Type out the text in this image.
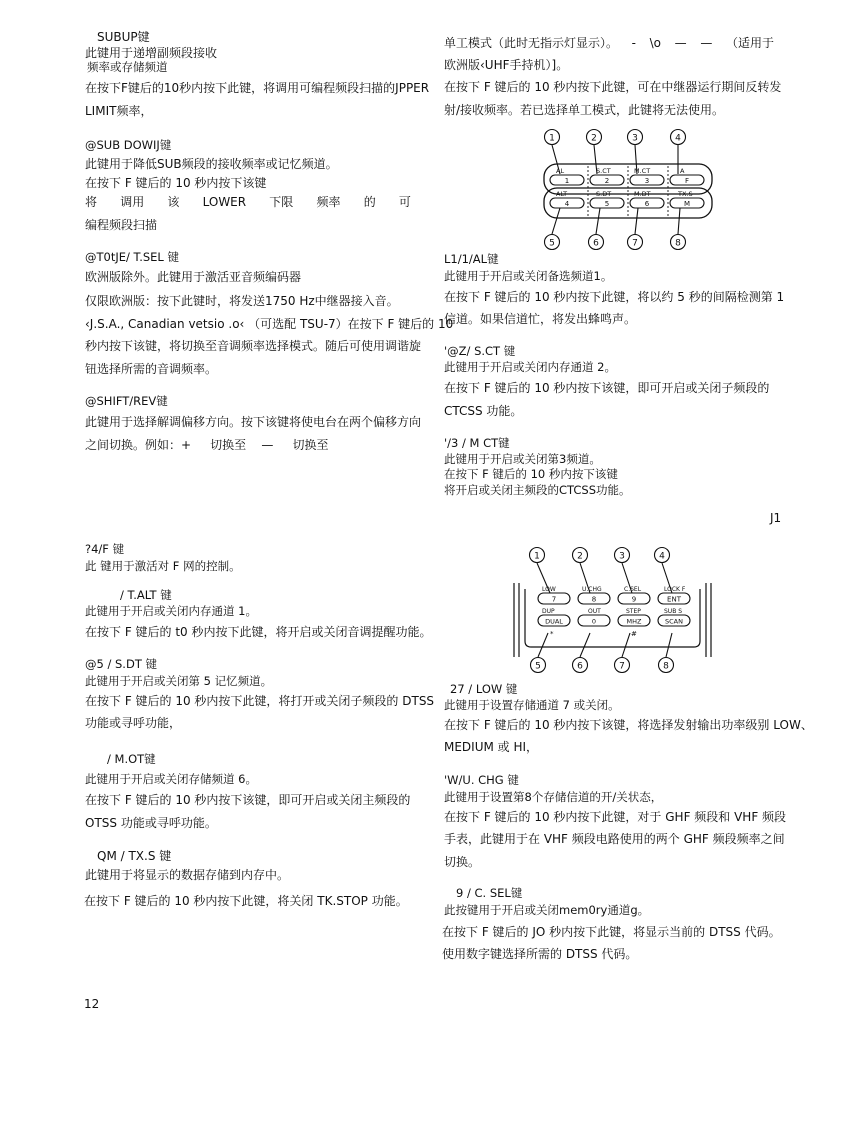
SUBUP键
此键用于递增副频段接收
频率或存储频道
在按下F键后的10秒内按下此键，将调用可编程频段扫描的JPPER
LIMIT频率，
@SUB DOWIJ键
此键用于降低SUB频段的接收频率或记忆频道。
在按下 F 键后的 10 秒内按下该键
将 调用 该 LOWER 下限 频率 的 可
编程频段扫描
@T0tJE/ T.SEL 键
欧洲版除外。此键用于激活亚音频编码器
仅限欧洲版：按下此键时，将发送1750 Hz中继器接入音。
‹J.S.A., Canadian vetsio .o‹ （可选配 TSU-7）在按下 F 键后的 10
秒内按下该键，将切换至音调频率选择模式。随后可使用调谐旋
钮选择所需的音调频率。
@SHIFT/REV键
此键用于选择解调偏移方向。按下该键将使电台在两个偏移方向
之间切换。例如：+     切换至    —     切换至
?4/F 键
此 键用于激活对 F 网的控制。
/ T.ALT 键
此键用于开启或关闭内存通道 1。
在按下 F 键后的 t0 秒内按下此键，将开启或关闭音调提醒功能。
@5 / S.DT 键
此键用于开启或关闭第 5 记忆频道。
在按下 F 键后的 10 秒内按下此键，将打开或关闭子频段的 DTSS
功能或寻呼功能，
/ M.OT键
此键用于开启或关闭存储频道 6。
在按下 F 键后的 10 秒内按下该键，即可开启或关闭主频段的
OTSS 功能或寻呼功能。
QM / TX.S 键
此键用于将显示的数据存储到内存中。
在按下 F 键后的 10 秒内按下此键，将关闭 TK.STOP 功能。
12
单工模式（此时无指示灯显示）。 - \o — — （适用于
欧洲版‹UHF手持机）]。
在按下 F 键后的 10 秒内按下此键，可在中继器运行期间反转发
射/接收频率。若已选择单工模式，此键将无法使用。
1	2	3	4
5	6	7	8
AL	S.CT	M.CT	A
1	2	3	F
ALT	S.DT	M.DT	TX.S
4	5	6	M
L1/1/AL键
此键用于开启或关闭备选频道1。
在按下 F 键后的 10 秒内按下此键，将以约 5 秒的间隔检测第 1
信道。如果信道忙，将发出蜂鸣声。
'@Z/ S.CT 键
此键用于开启或关闭内存通道 2。
在按下 F 键后的 10 秒内按下该键，即可开启或关闭子频段的
CTCSS 功能。
'/3 / M CT键
此键用于开启或关闭第3频道。
在按下 F 键后的 10 秒内按下该键
将开启或关闭主频段的CTCSS功能。
J1
1	2	3	4
5	6	7	8
LOW	U.CHG	C.SEL	LOCK F
7	8	9	ENT
DUP	OUT	STEP	SUB S
DUAL	0	MHZ	SCAN
*	#
27 / LOW 键
此键用于设置存储通道 7 或关闭。
在按下 F 键后的 10 秒内按下该键，将选择发射输出功率级别 LOW、
MEDIUM 或 HI，
'W/U. CHG 键
此键用于设置第8个存储信道的开/关状态，
在按下 F 键后的 10 秒内按下此键，对于 GHF 频段和 VHF 频段
手表，此键用于在 VHF 频段电路使用的两个 GHF 频段频率之间
切换。
9 / C. SEL键
此按键用于开启或关闭mem0ry通道g。
在按下 F 键后的 JO 秒内按下此键，将显示当前的 DTSS 代码。
使用数字键选择所需的 DTSS 代码。
